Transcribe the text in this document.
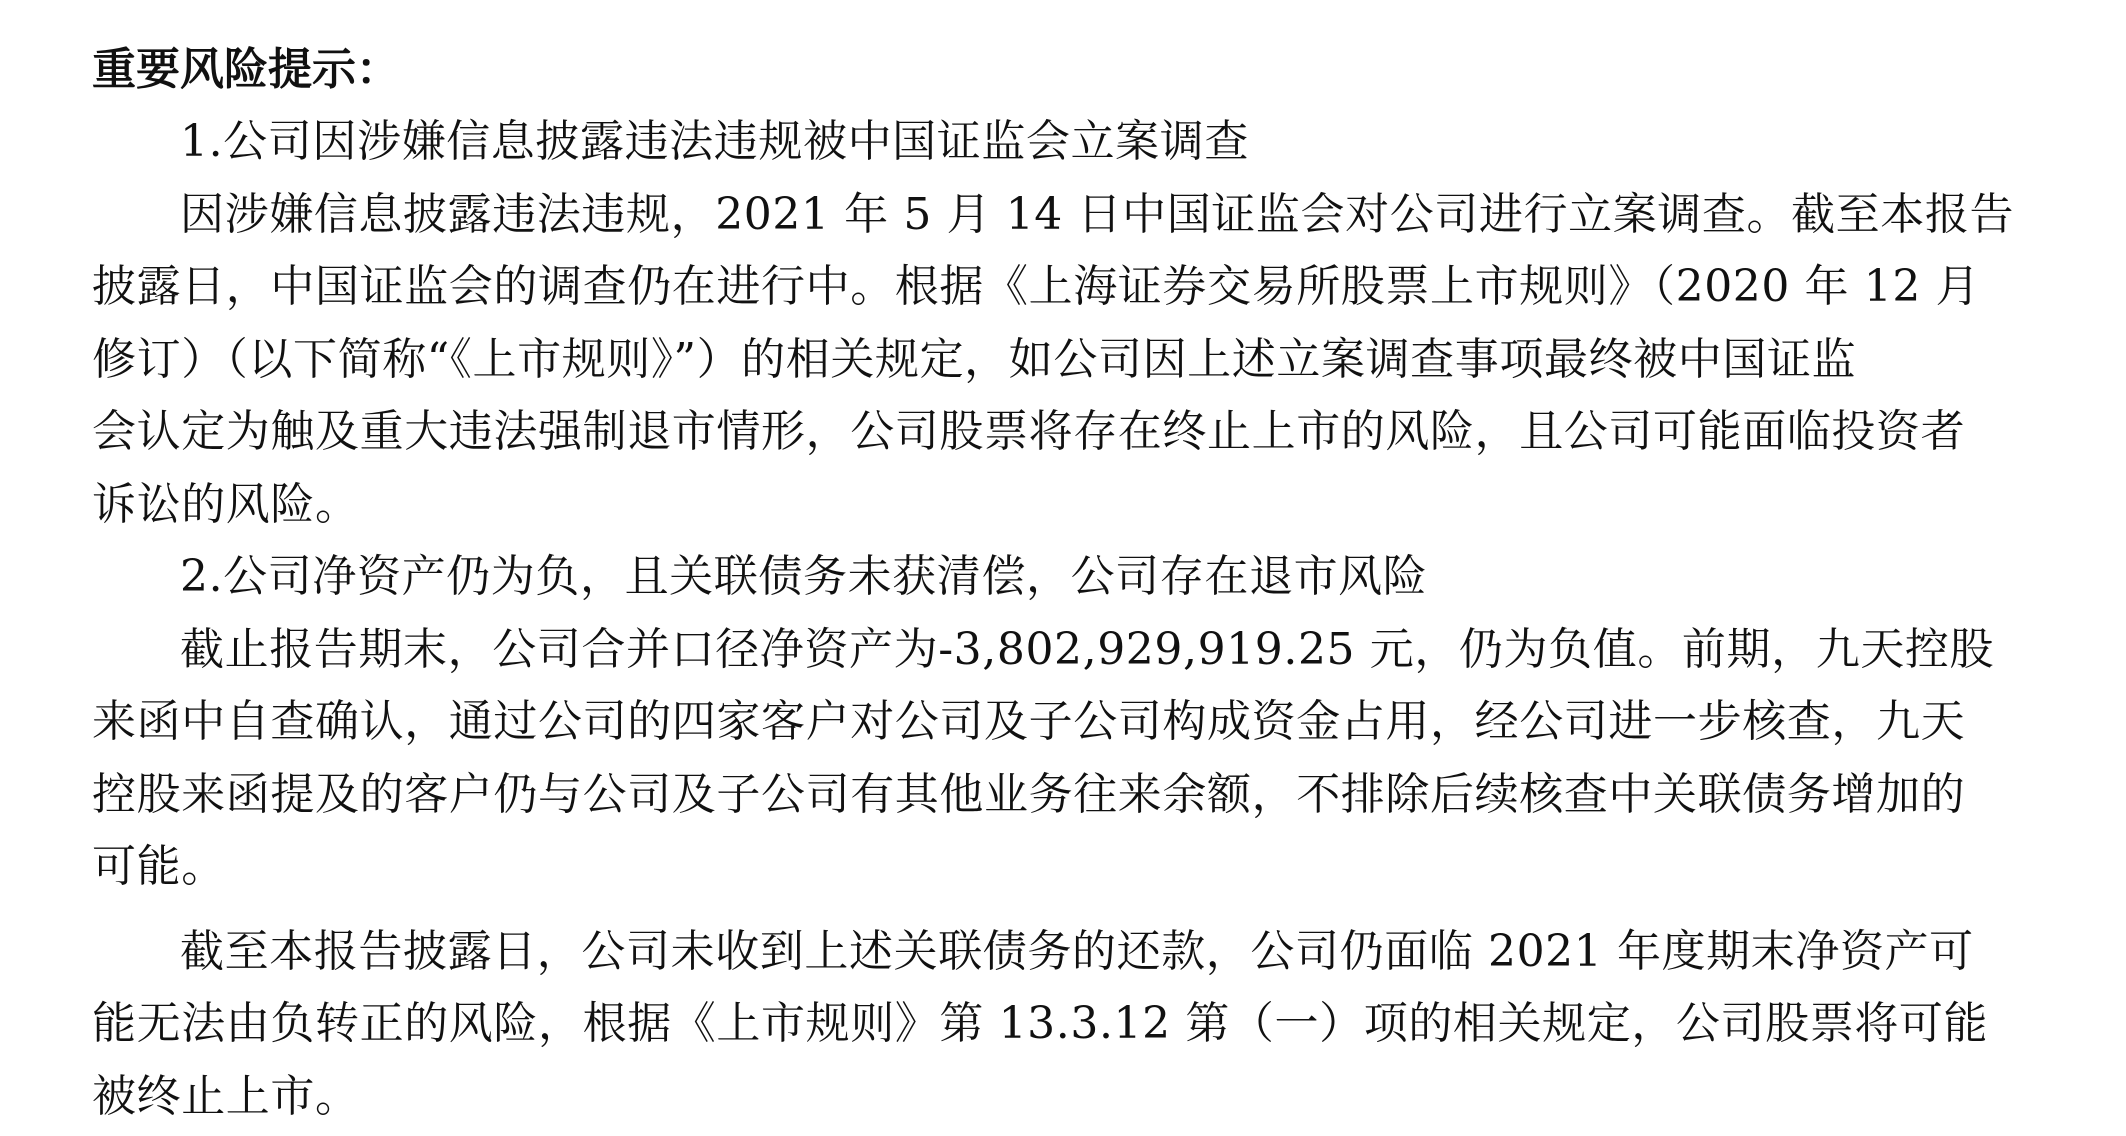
重要风险提示：

1.公司因涉嫌信息披露违法违规被中国证监会立案调查

因涉嫌信息披露违法违规，2021 年 5 月 14 日中国证监会对公司进行立案调查。截至本报告

披露日，中国证监会的调查仍在进行中。根据《上海证券交易所股票上市规则》（2020 年 12 月

修订）（以下简称“《上市规则》”）的相关规定，如公司因上述立案调查事项最终被中国证监

会认定为触及重大违法强制退市情形，公司股票将存在终止上市的风险，且公司可能面临投资者

诉讼的风险。

2.公司净资产仍为负，且关联债务未获清偿，公司存在退市风险

截止报告期末，公司合并口径净资产为-3,802,929,919.25 元，仍为负值。前期，九天控股

来函中自查确认，通过公司的四家客户对公司及子公司构成资金占用，经公司进一步核查，九天

控股来函提及的客户仍与公司及子公司有其他业务往来余额，不排除后续核查中关联债务增加的

可能。

截至本报告披露日，公司未收到上述关联债务的还款，公司仍面临 2021 年度期末净资产可

能无法由负转正的风险，根据《上市规则》第 13.3.12 第（一）项的相关规定，公司股票将可能

被终止上市。
